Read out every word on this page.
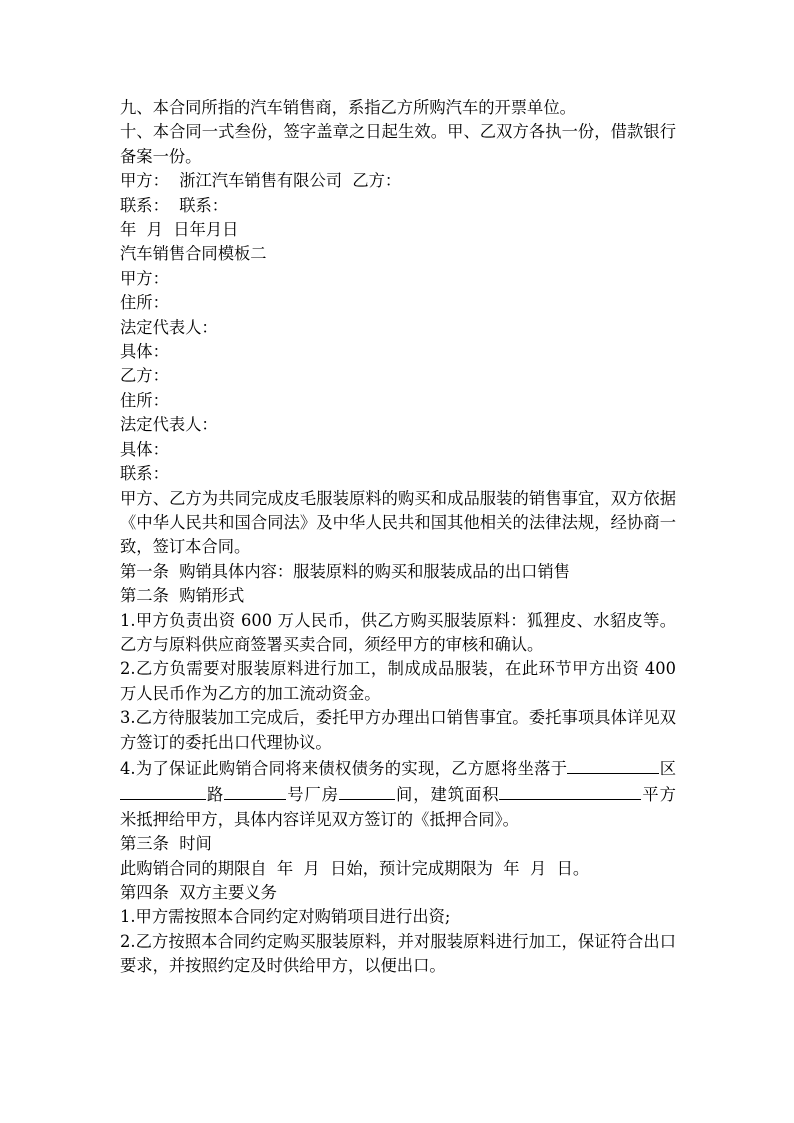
九、本合同所指的汽车销售商，系指乙方所购汽车的开票单位。

十、本合同一式叁份，签字盖章之日起生效。甲、乙双方各执一份，借款银行备案一份。

甲方：  浙江汽车销售有限公司  乙方：

联系：  联系：

年  月  日年月日

汽车销售合同模板二

甲方：

住所：

法定代表人：

具体：

乙方：

住所：

法定代表人：

具体：

联系：

甲方、乙方为共同完成皮毛服装原料的购买和成品服装的销售事宜，双方依据《中华人民共和国合同法》及中华人民共和国其他相关的法律法规，经协商一致，签订本合同。

第一条  购销具体内容：服装原料的购买和服装成品的出口销售

第二条  购销形式

1.甲方负责出资 600 万人民币，供乙方购买服装原料：狐狸皮、水貂皮等。乙方与原料供应商签署买卖合同，须经甲方的审核和确认。

2.乙方负需要对服装原料进行加工，制成成品服装，在此环节甲方出资 400 万人民币作为乙方的加工流动资金。

3.乙方待服装加工完成后，委托甲方办理出口销售事宜。委托事项具体详见双方签订的委托出口代理协议。

4.为了保证此购销合同将来债权债务的实现，乙方愿将坐落于	区路	号厂房	间，建筑面积	平方米抵押给甲方，具体内容详见双方签订的《抵押合同》。

第三条  时间

此购销合同的期限自  年  月  日始，预计完成期限为  年  月  日。

第四条  双方主要义务

1.甲方需按照本合同约定对购销项目进行出资;

2.乙方按照本合同约定购买服装原料，并对服装原料进行加工，保证符合出口要求，并按照约定及时供给甲方，以便出口。
